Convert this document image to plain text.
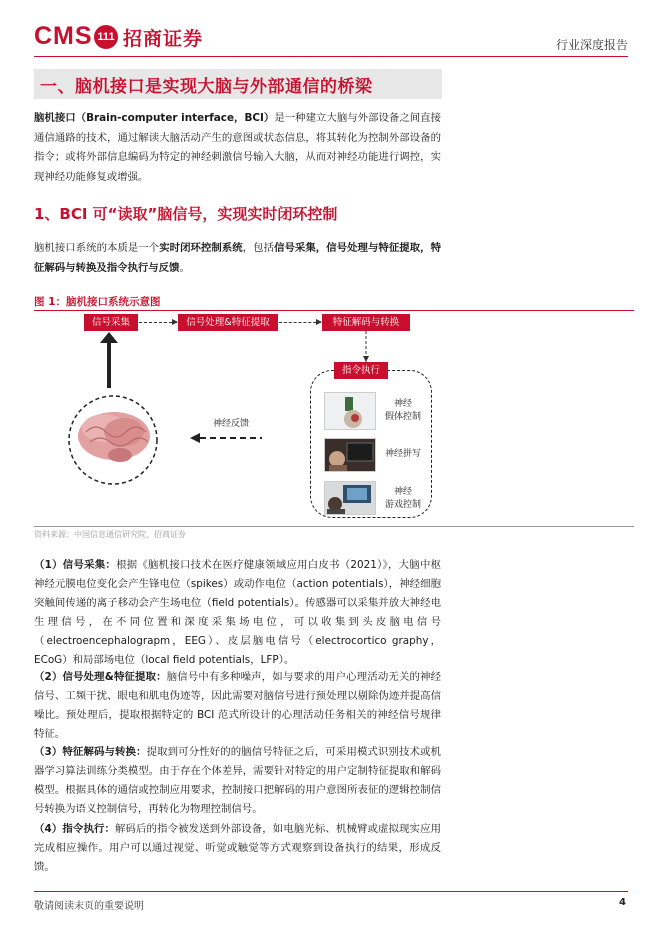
CMS 111 招商证券	行业深度报告
一、脑机接口是实现大脑与外部通信的桥梁
脑机接口（Brain-computer interface，BCI）是一种建立大脑与外部设备之间直接通信通路的技术，通过解读大脑活动产生的意图或状态信息，将其转化为控制外部设备的指令；或将外部信息编码为特定的神经刺激信号输入大脑，从而对神经功能进行调控，实现神经功能修复或增强。
1、BCI 可“读取”脑信号，实现实时闭环控制
脑机接口系统的本质是一个实时闭环控制系统，包括信号采集，信号处理与特征提取，特征解码与转换及指令执行与反馈。
图 1：脑机接口系统示意图
信号采集	信号处理&特征提取	特征解码与转换
神经反馈
指令执行
神经
假体控制
神经拼写
神经
游戏控制
资料来源：中国信息通信研究院、招商证券
（1）信号采集：根据《脑机接口技术在医疗健康领域应用白皮书（2021）》，大脑中枢神经元膜电位变化会产生锋电位（spikes）或动作电位（action potentials），神经细胞突触间传递的离子移动会产生场电位（field potentials）。传感器可以采集并放大神经电生理信号，在不同位置和深度采集场电位，可以收集到头皮脑电信号（electroencephalograpm，EEG）、皮层脑电信号（electrocortico graphy，ECoG）和局部场电位（local field potentials，LFP）。
（2）信号处理&特征提取：脑信号中有多种噪声，如与要求的用户心理活动无关的神经信号、工频干扰、眼电和肌电伪迹等，因此需要对脑信号进行预处理以剔除伪迹并提高信噪比。预处理后，提取根据特定的 BCI 范式所设计的心理活动任务相关的神经信号规律特征。
（3）特征解码与转换：提取到可分性好的的脑信号特征之后，可采用模式识别技术或机器学习算法训练分类模型。由于存在个体差异，需要针对特定的用户定制特征提取和解码模型。根据具体的通信或控制应用要求，控制接口把解码的用户意图所表征的逻辑控制信号转换为语义控制信号，再转化为物理控制信号。
（4）指令执行：解码后的指令被发送到外部设备，如电脑光标、机械臂或虚拟现实应用完成相应操作。用户可以通过视觉、听觉或触觉等方式观察到设备执行的结果，形成反馈。
敬请阅读末页的重要说明	4
